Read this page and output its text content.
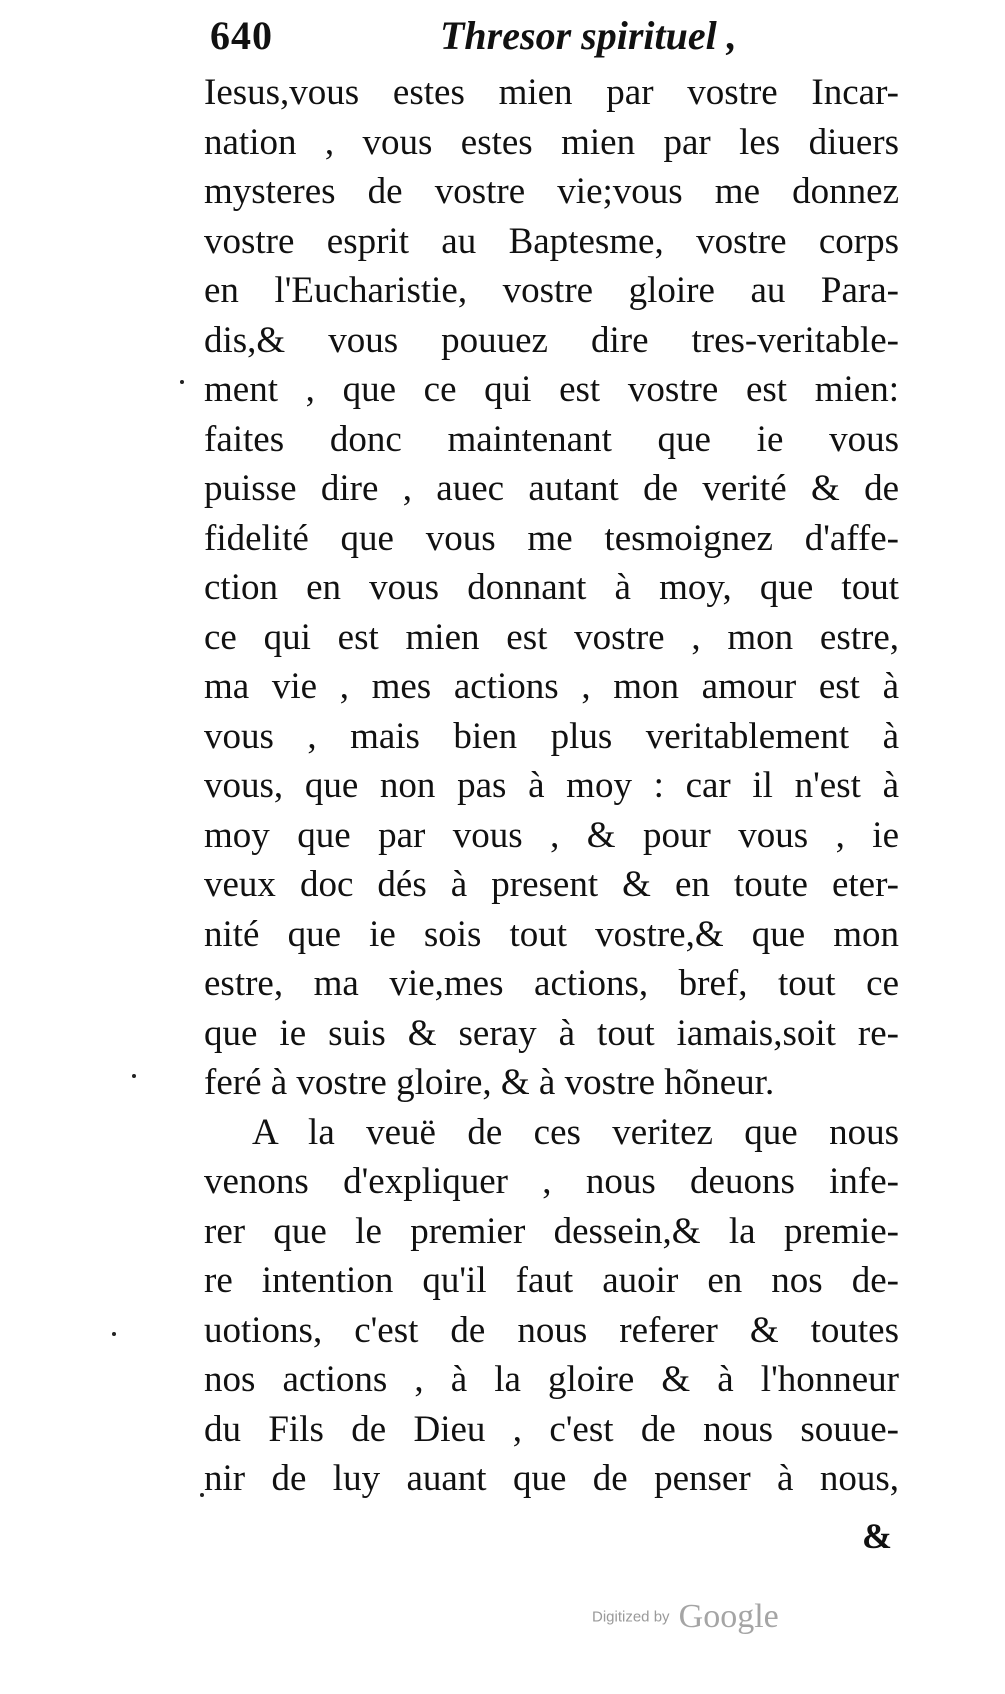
640	Thresor spirituel ,
Iesus,vous estes mien par vostre Incar-
nation , vous estes mien par les diuers
mysteres de vostre vie;vous me donnez
vostre esprit au Baptesme, vostre corps
en l'Eucharistie, vostre gloire au Para-
dis,& vous pouuez dire tres-veritable-
ment , que ce qui est vostre est mien:
faites donc maintenant que ie vous
puisse dire , auec autant de verité & de
fidelité que vous me tesmoignez d'affe-
ction en vous donnant à moy, que tout
ce qui est mien est vostre , mon estre,
ma vie , mes actions , mon amour est à
vous , mais bien plus veritablement à
vous, que non pas à moy : car il n'est à
moy que par vous , & pour vous , ie
veux doc dés à present & en toute eter-
nité que ie sois tout vostre,& que mon
estre, ma vie,mes actions, bref, tout ce
que ie suis & seray à tout iamais,soit re-
feré à vostre gloire, & à vostre hõneur.
A la veuë de ces veritez que nous
venons d'expliquer , nous deuons infe-
rer que le premier dessein,& la premie-
re intention qu'il faut auoir en nos de-
uotions, c'est de nous referer & toutes
nos actions , à la gloire & à l'honneur
du Fils de Dieu , c'est de nous souue-
nir de luy auant que de penser à nous,
&
Digitized by Google
